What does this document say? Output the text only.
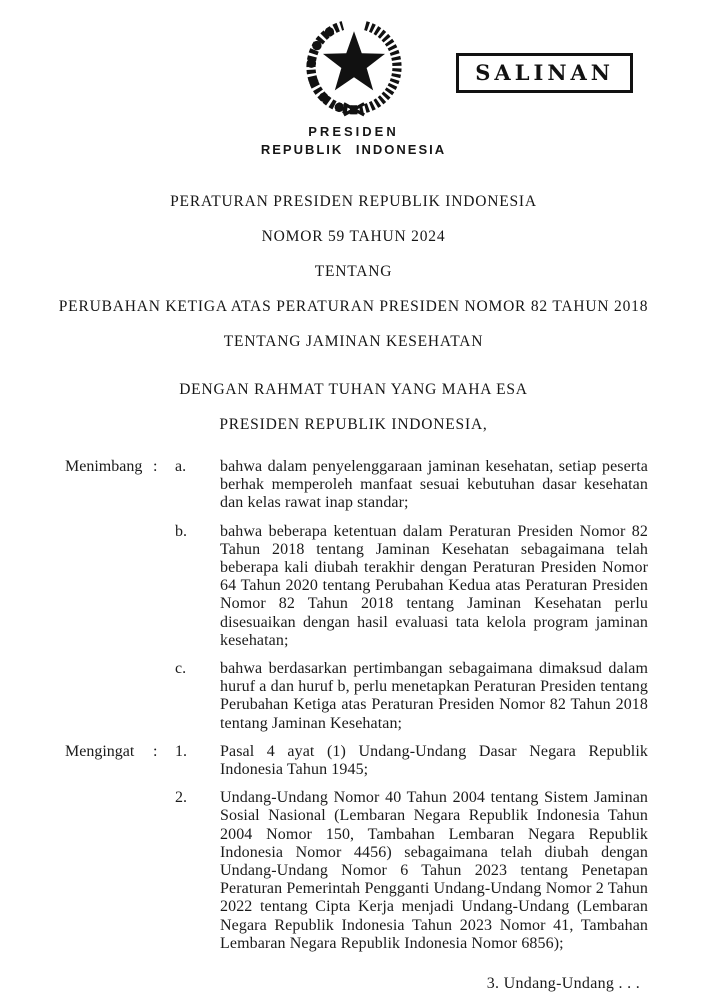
PRESIDEN
REPUBLIK INDONESIA
SALINAN

PERATURAN PRESIDEN REPUBLIK INDONESIA

NOMOR 59 TAHUN 2024

TENTANG

PERUBAHAN KETIGA ATAS PERATURAN PRESIDEN NOMOR 82 TAHUN 2018

TENTANG JAMINAN KESEHATAN

DENGAN RAHMAT TUHAN YANG MAHA ESA

PRESIDEN REPUBLIK INDONESIA,

Menimbang :	a.	bahwa dalam penyelenggaraan jaminan kesehatan, setiap peserta berhak memperoleh manfaat sesuai kebutuhan dasar kesehatan dan kelas rawat inap standar;
b.	bahwa beberapa ketentuan dalam Peraturan Presiden Nomor 82 Tahun 2018 tentang Jaminan Kesehatan sebagaimana telah beberapa kali diubah terakhir dengan Peraturan Presiden Nomor 64 Tahun 2020 tentang Perubahan Kedua atas Peraturan Presiden Nomor 82 Tahun 2018 tentang Jaminan Kesehatan perlu disesuaikan dengan hasil evaluasi tata kelola program jaminan kesehatan;
c.	bahwa berdasarkan pertimbangan sebagaimana dimaksud dalam huruf a dan huruf b, perlu menetapkan Peraturan Presiden tentang Perubahan Ketiga atas Peraturan Presiden Nomor 82 Tahun 2018 tentang Jaminan Kesehatan;
Mengingat	:	1.	Pasal 4 ayat (1) Undang-Undang Dasar Negara Republik Indonesia Tahun 1945;
2.	Undang-Undang Nomor 40 Tahun 2004 tentang Sistem Jaminan Sosial Nasional (Lembaran Negara Republik Indonesia Tahun 2004 Nomor 150, Tambahan Lembaran Negara Republik Indonesia Nomor 4456) sebagaimana telah diubah dengan Undang-Undang Nomor 6 Tahun 2023 tentang Penetapan Peraturan Pemerintah Pengganti Undang-Undang Nomor 2 Tahun 2022 tentang Cipta Kerja menjadi Undang-Undang (Lembaran Negara Republik Indonesia Tahun 2023 Nomor 41, Tambahan Lembaran Negara Republik Indonesia Nomor 6856);
3. Undang-Undang . . .
